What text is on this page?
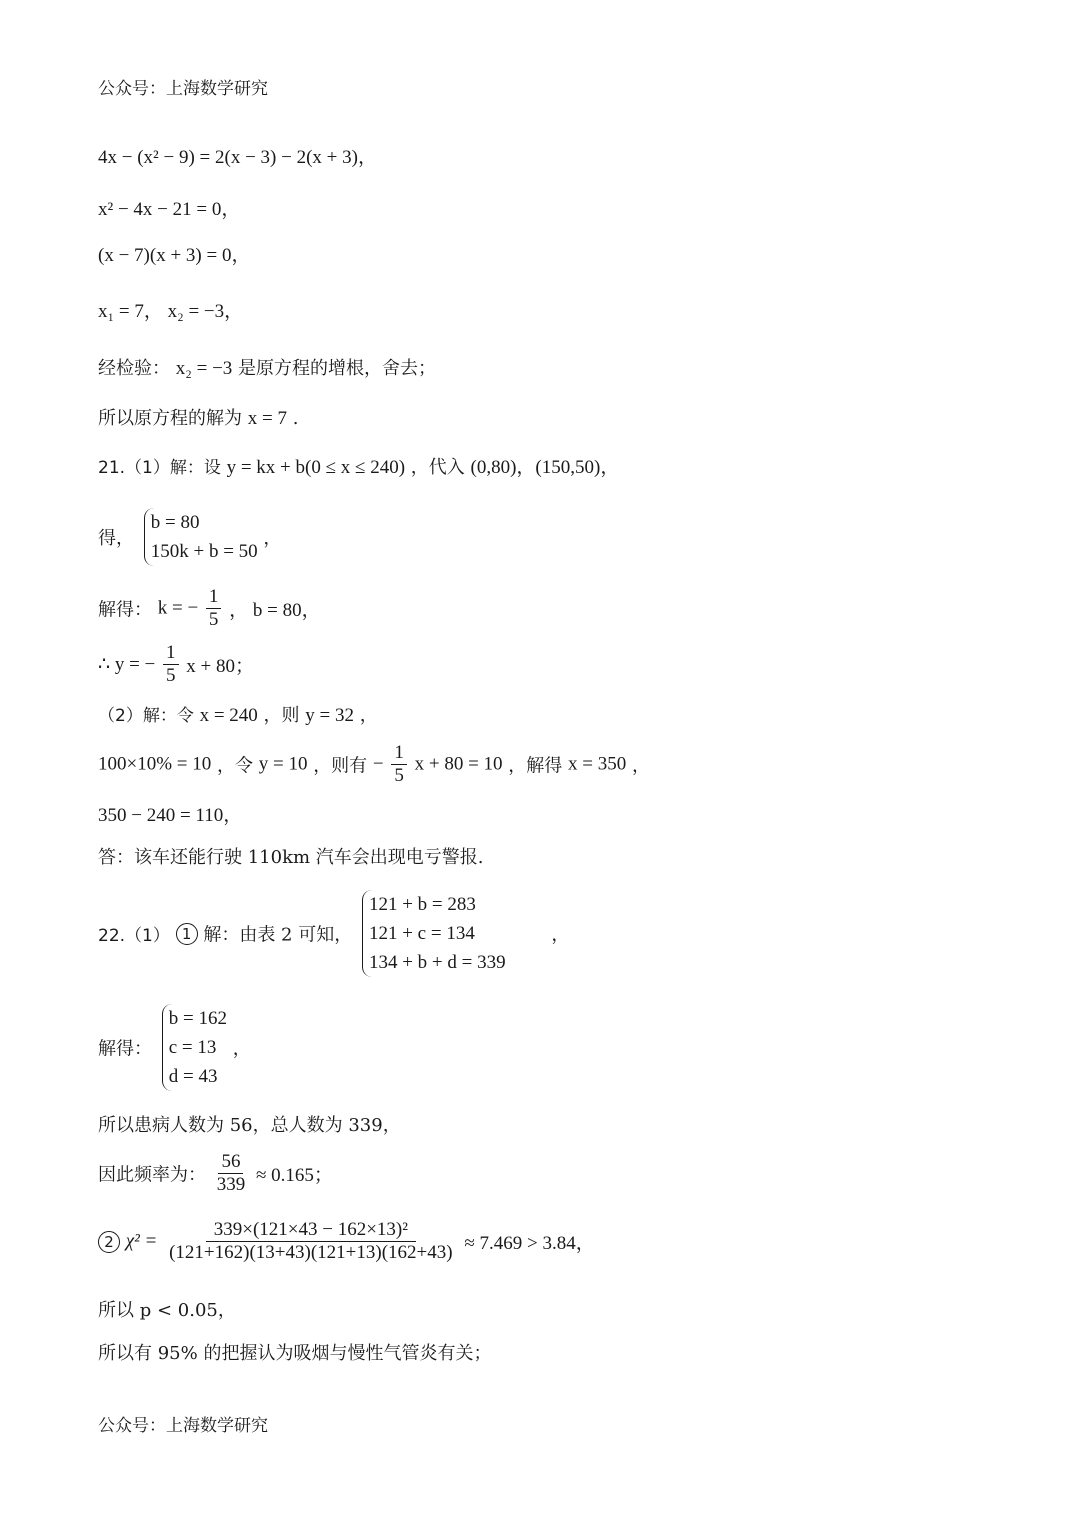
公众号：上海数学研究
4x − (x² − 9) = 2(x − 3) − 2(x + 3)，
x² − 4x − 21 = 0，
(x − 7)(x + 3) = 0，
x₁ = 7， x₂ = −3，
经检验： x₂ = −3 是原方程的增根，舍去；
所以原方程的解为 x = 7 .
21.（1）解：设 y = kx + b(0 ≤ x ≤ 240) ，代入 (0,80)，(150,50)，
得，
b = 80
150k + b = 50
，
解得： k = − $\frac{1}{5}$ ， b = 80，
∴ y = − $\frac{1}{5}$ x + 80；
（2）解：令 x = 240 ，则 y = 32 ，
100×10% = 10 ，令 y = 10 ，则有 − $\frac{1}{5}$ x + 80 = 10 ，解得 x = 350 ，
350 − 240 = 110，
答：该车还能行驶 110km 汽车会出现电亏警报.
22.（1） 1 解：由表 2 可知，
121 + b = 283
121 + c = 134
134 + b + d = 339
，
解得：
b = 162
c = 13
d = 43
，
所以患病人数为 56，总人数为 339，
因此频率为： $\frac{56}{339} \approx 0.165$；
2 $\chi^2 = \frac{\text{339×(121×43 − 162×13)²}}{(121+162)(13+43)(121+13)(162+43)} \approx 7.469 > 3.84$，
所以 p < 0.05，
所以有 95% 的把握认为吸烟与慢性气管炎有关；
公众号：上海数学研究
